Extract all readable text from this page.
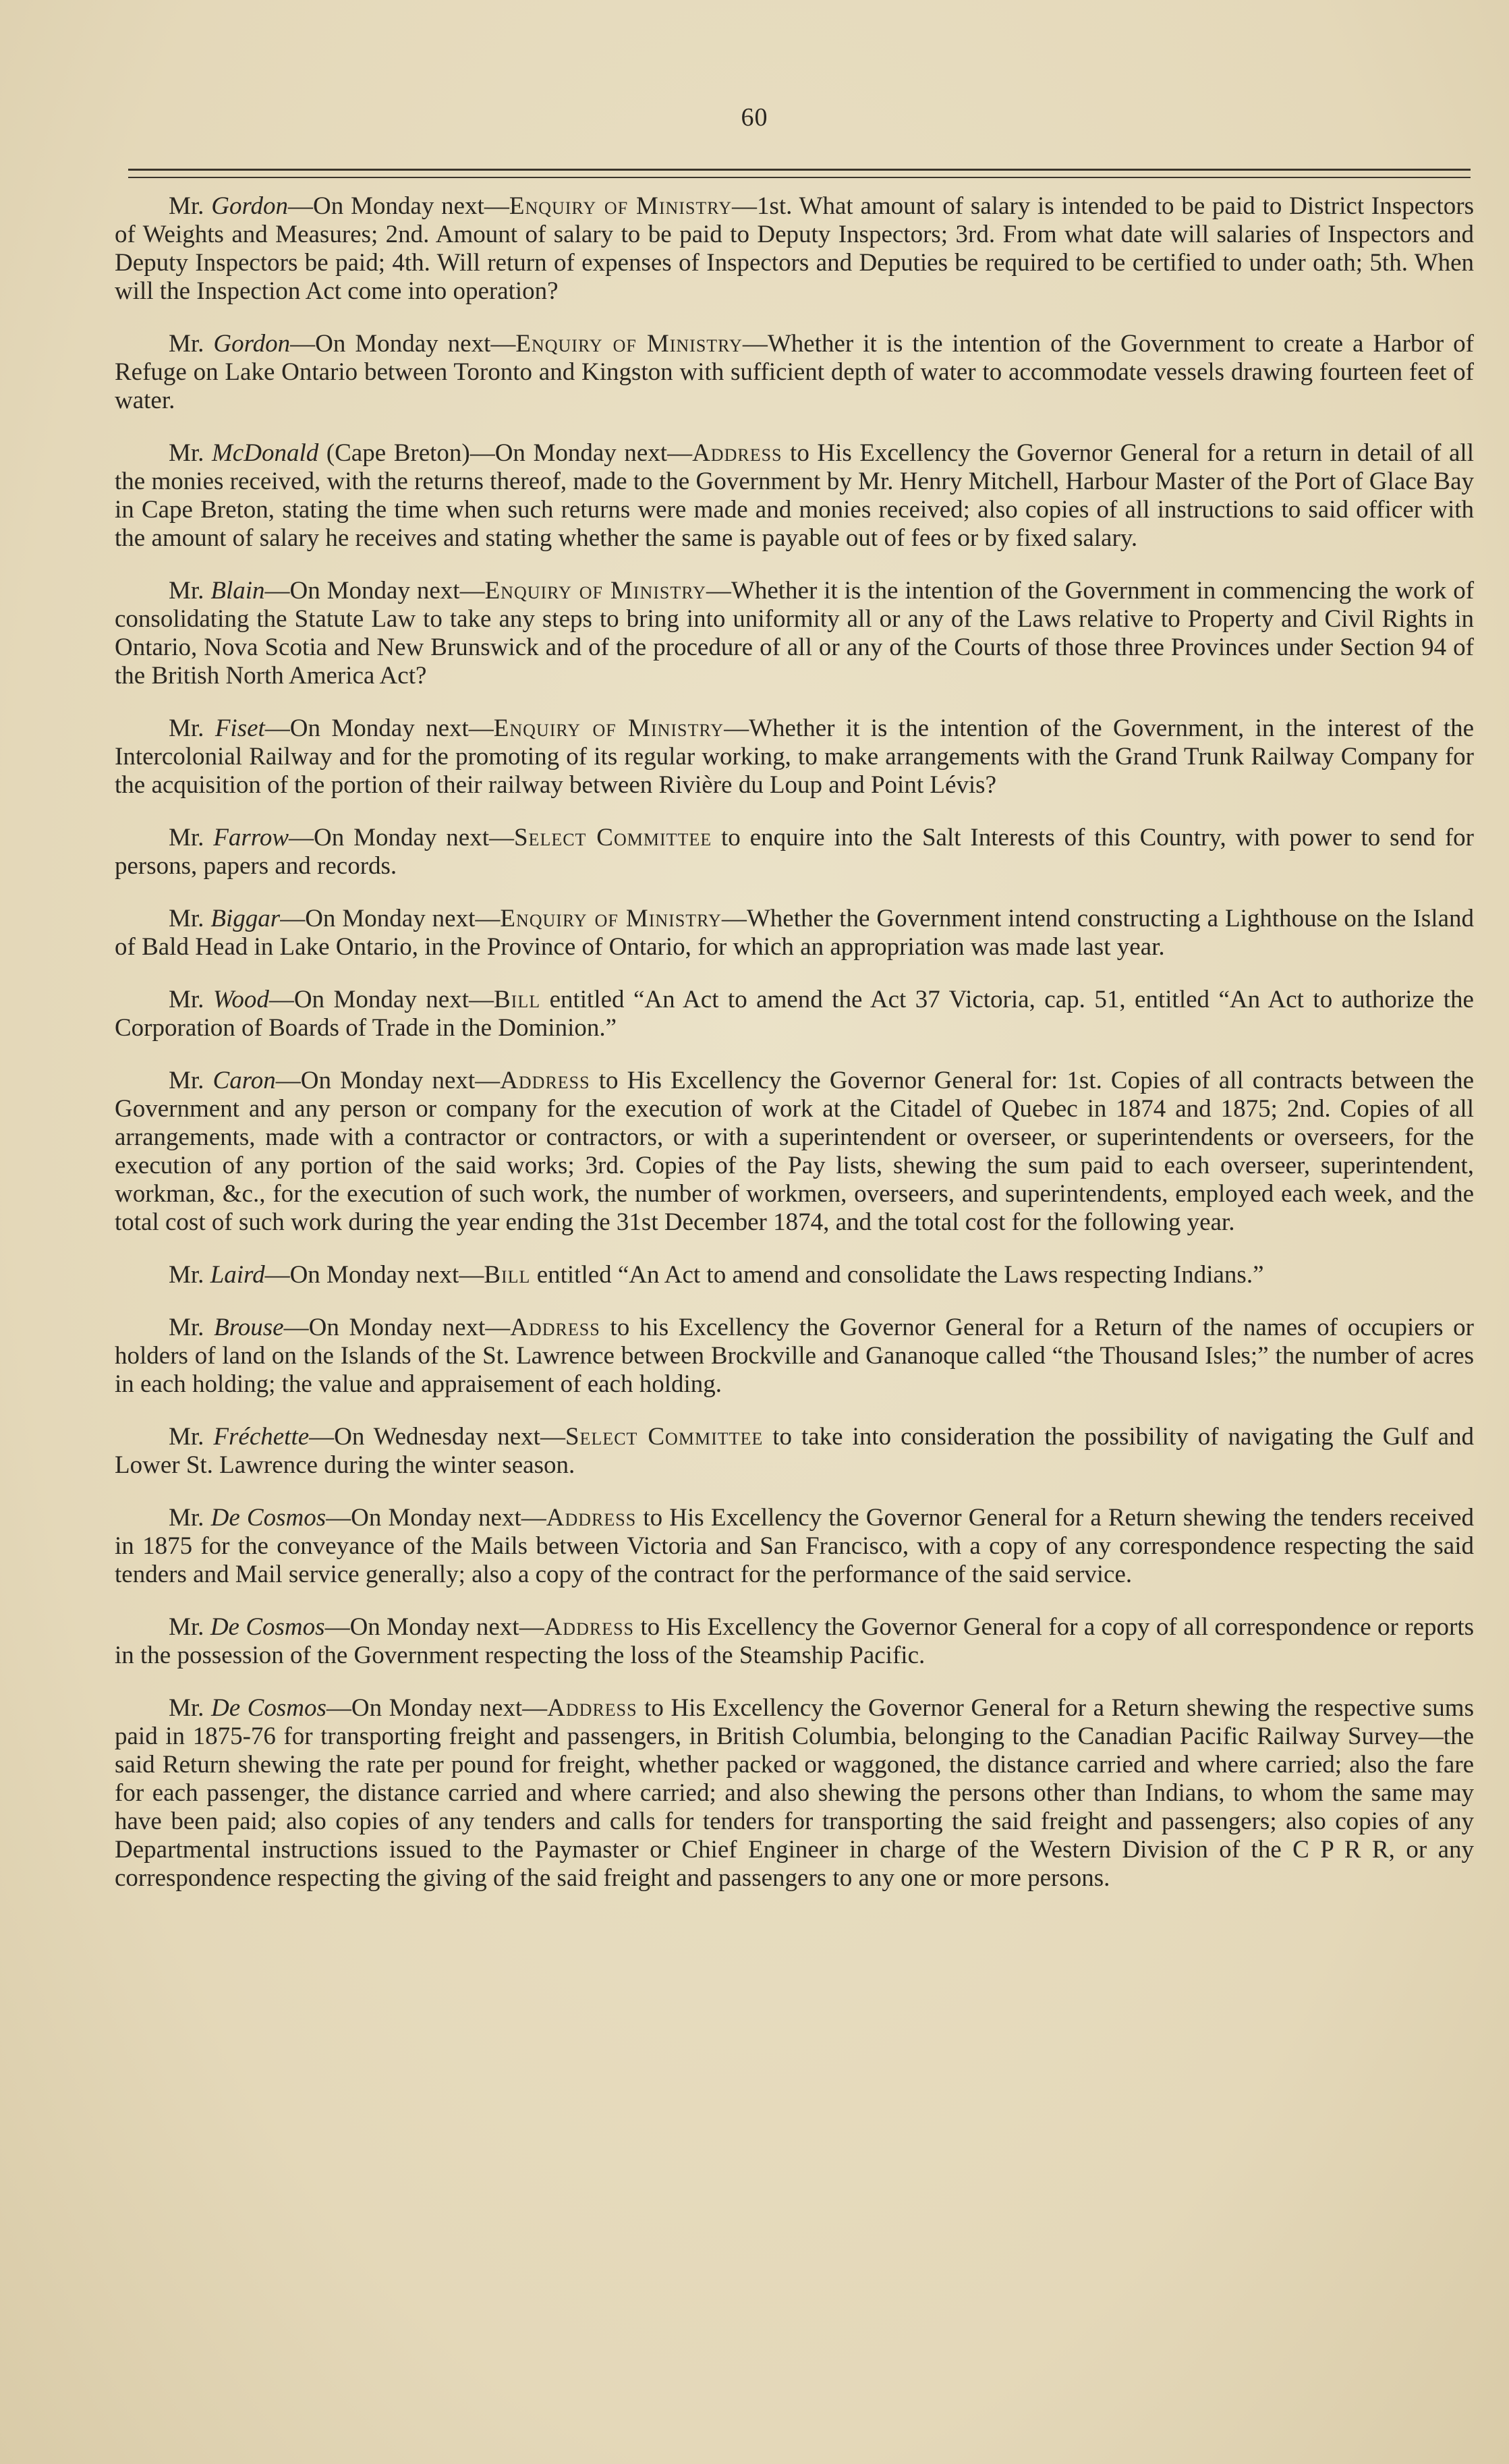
60

Mr. Gordon—On Monday next—Enquiry of Ministry—1st. What amount of salary is intended to be paid to District Inspectors of Weights and Measures; 2nd. Amount of salary to be paid to Deputy Inspectors; 3rd. From what date will salaries of Inspectors and Deputy Inspectors be paid; 4th. Will return of expenses of Inspectors and Deputies be required to be certified to under oath; 5th. When will the Inspection Act come into operation?

Mr. Gordon—On Monday next—Enquiry of Ministry—Whether it is the intention of the Government to create a Harbor of Refuge on Lake Ontario between Toronto and Kingston with sufficient depth of water to accommodate vessels drawing fourteen feet of water.

Mr. McDonald (Cape Breton)—On Monday next—Address to His Excellency the Governor General for a return in detail of all the monies received, with the returns thereof, made to the Government by Mr. Henry Mitchell, Harbour Master of the Port of Glace Bay in Cape Breton, stating the time when such returns were made and monies received; also copies of all instructions to said officer with the amount of salary he receives and stating whether the same is payable out of fees or by fixed salary.

Mr. Blain—On Monday next—Enquiry of Ministry—Whether it is the intention of the Government in commencing the work of consolidating the Statute Law to take any steps to bring into uniformity all or any of the Laws relative to Property and Civil Rights in Ontario, Nova Scotia and New Brunswick and of the procedure of all or any of the Courts of those three Provinces under Section 94 of the British North America Act?

Mr. Fiset—On Monday next—Enquiry of Ministry—Whether it is the intention of the Government, in the interest of the Intercolonial Railway and for the promoting of its regular working, to make arrangements with the Grand Trunk Railway Company for the acquisition of the portion of their railway between Rivière du Loup and Point Lévis?

Mr. Farrow—On Monday next—Select Committee to enquire into the Salt Interests of this Country, with power to send for persons, papers and records.

Mr. Biggar—On Monday next—Enquiry of Ministry—Whether the Government intend constructing a Lighthouse on the Island of Bald Head in Lake Ontario, in the Province of Ontario, for which an appropriation was made last year.

Mr. Wood—On Monday next—Bill entitled “An Act to amend the Act 37 Victoria, cap. 51, entitled “An Act to authorize the Corporation of Boards of Trade in the Dominion.”

Mr. Caron—On Monday next—Address to His Excellency the Governor General for: 1st. Copies of all contracts between the Government and any person or company for the execution of work at the Citadel of Quebec in 1874 and 1875; 2nd. Copies of all arrangements, made with a contractor or contractors, or with a superintendent or overseer, or superintendents or overseers, for the execution of any portion of the said works; 3rd. Copies of the Pay lists, shewing the sum paid to each overseer, superintendent, workman, &c., for the execution of such work, the number of workmen, overseers, and superintendents, employed each week, and the total cost of such work during the year ending the 31st December 1874, and the total cost for the following year.

Mr. Laird—On Monday next—Bill entitled “An Act to amend and consolidate the Laws respecting Indians.”

Mr. Brouse—On Monday next—Address to his Excellency the Governor General for a Return of the names of occupiers or holders of land on the Islands of the St. Lawrence between Brockville and Gananoque called “the Thousand Isles;” the number of acres in each holding; the value and appraisement of each holding.

Mr. Fréchette—On Wednesday next—Select Committee to take into consideration the possibility of navigating the Gulf and Lower St. Lawrence during the winter season.

Mr. De Cosmos—On Monday next—Address to His Excellency the Governor General for a Return shewing the tenders received in 1875 for the conveyance of the Mails between Victoria and San Francisco, with a copy of any correspondence respecting the said tenders and Mail service generally; also a copy of the contract for the performance of the said service.

Mr. De Cosmos—On Monday next—Address to His Excellency the Governor General for a copy of all correspondence or reports in the possession of the Government respecting the loss of the Steamship Pacific.

Mr. De Cosmos—On Monday next—Address to His Excellency the Governor General for a Return shewing the respective sums paid in 1875-76 for transporting freight and passengers, in British Columbia, belonging to the Canadian Pacific Railway Survey—the said Return shewing the rate per pound for freight, whether packed or waggoned, the distance carried and where carried; also the fare for each passenger, the distance carried and where carried; and also shewing the persons other than Indians, to whom the same may have been paid; also copies of any tenders and calls for tenders for transporting the said freight and passengers; also copies of any Departmental instructions issued to the Paymaster or Chief Engineer in charge of the Western Division of the C P R R, or any correspondence respecting the giving of the said freight and passengers to any one or more persons.
